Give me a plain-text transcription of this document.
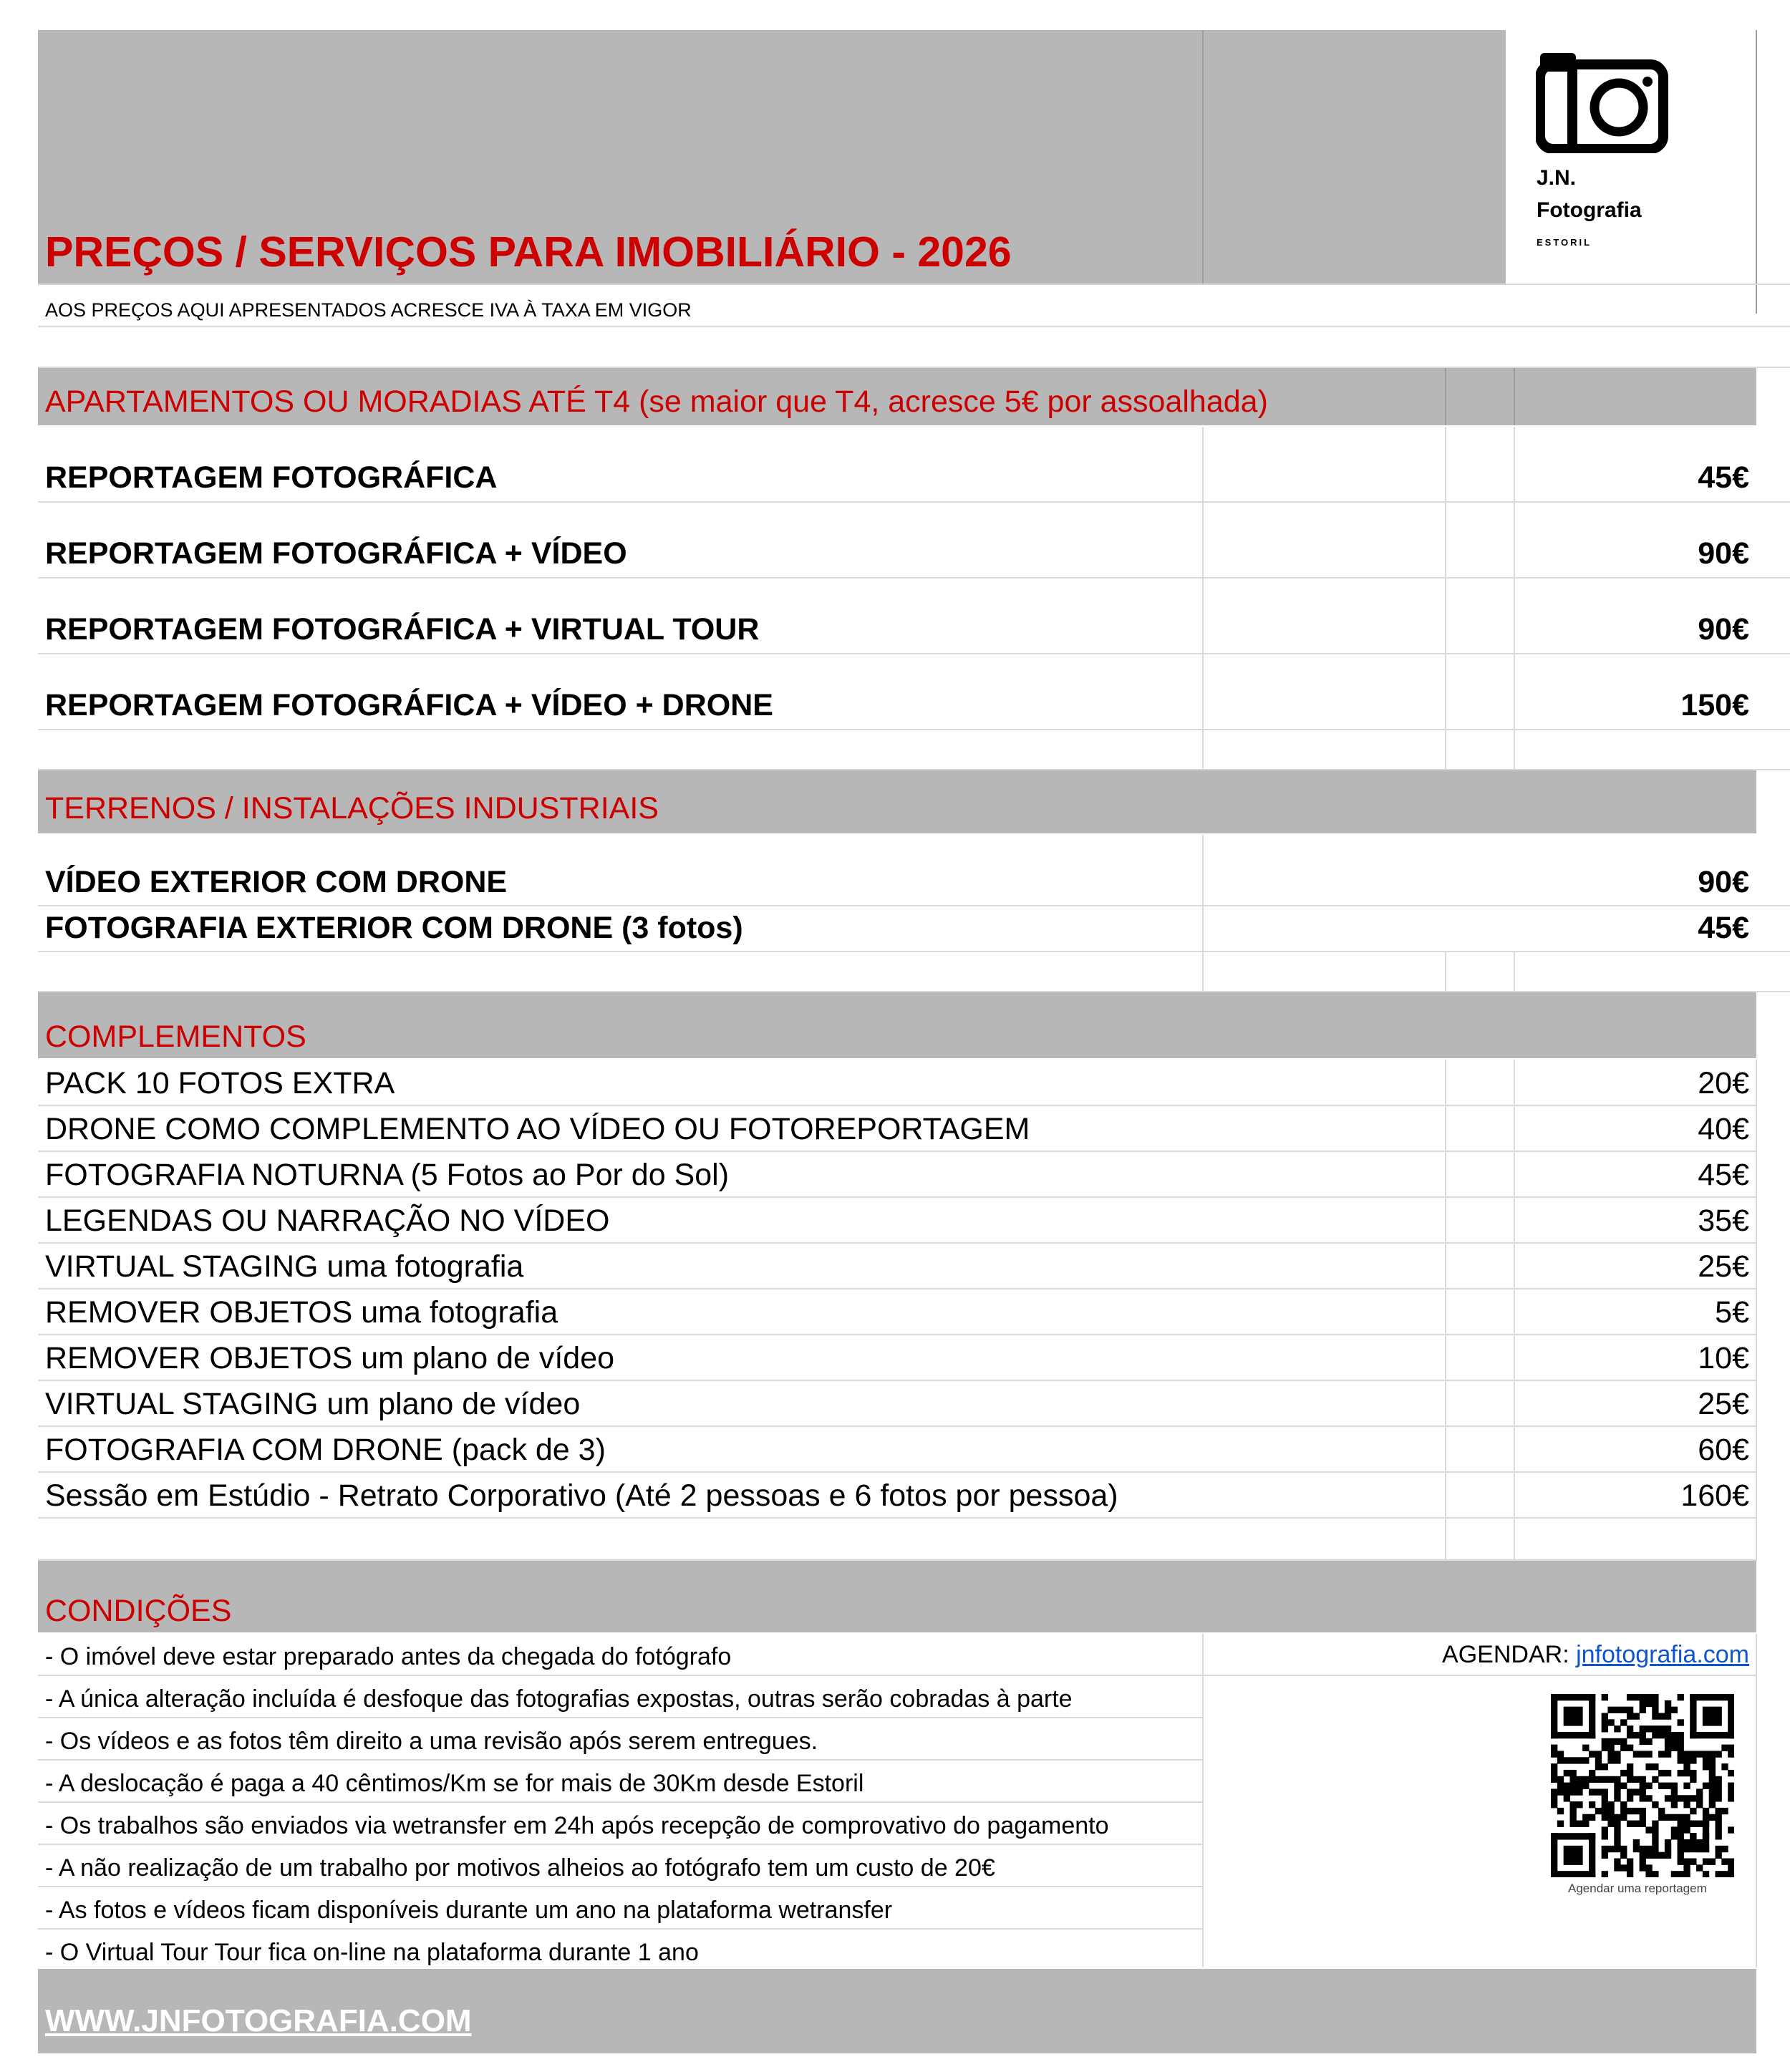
J.N.
Fotografia
ESTORIL
PREÇOS / SERVIÇOS PARA IMOBILIÁRIO - 2026
AOS PREÇOS AQUI APRESENTADOS ACRESCE IVA À TAXA EM VIGOR
APARTAMENTOS OU MORADIAS ATÉ T4 (se maior que T4, acresce 5€ por assoalhada)
REPORTAGEM FOTOGRÁFICA	45€
REPORTAGEM FOTOGRÁFICA + VÍDEO	90€
REPORTAGEM FOTOGRÁFICA + VIRTUAL TOUR	90€
REPORTAGEM FOTOGRÁFICA + VÍDEO + DRONE	150€
TERRENOS / INSTALAÇÕES INDUSTRIAIS
VÍDEO EXTERIOR COM DRONE	90€
FOTOGRAFIA EXTERIOR COM DRONE (3 fotos)	45€
COMPLEMENTOS
PACK 10 FOTOS EXTRA	20€
DRONE COMO COMPLEMENTO AO VÍDEO OU FOTOREPORTAGEM	40€
FOTOGRAFIA NOTURNA (5 Fotos ao Por do Sol)	45€
LEGENDAS OU NARRAÇÃO NO VÍDEO	35€
VIRTUAL STAGING uma fotografia	25€
REMOVER OBJETOS uma fotografia	5€
REMOVER OBJETOS um plano de vídeo	10€
VIRTUAL STAGING um plano de vídeo	25€
FOTOGRAFIA COM DRONE (pack de 3)	60€
Sessão em Estúdio - Retrato Corporativo (Até 2 pessoas e 6 fotos por pessoa)	160€
CONDIÇÕES
- O imóvel deve estar preparado antes da chegada do fotógrafo
- A única alteração incluída é desfoque das fotografias expostas, outras serão cobradas à parte
- Os vídeos e as fotos têm direito a uma revisão após serem entregues.
- A deslocação é paga a 40 cêntimos/Km se for mais de 30Km desde Estoril
- Os trabalhos são enviados via wetransfer em 24h após recepção de comprovativo do pagamento
- A não realização de um trabalho por motivos alheios ao fotógrafo tem um custo de 20€
- As fotos e vídeos ficam disponíveis durante um ano na plataforma wetransfer
- O Virtual Tour Tour fica on-line na plataforma durante 1 ano
AGENDAR: jnfotografia.com
Agendar uma reportagem
WWW.JNFOTOGRAFIA.COM
